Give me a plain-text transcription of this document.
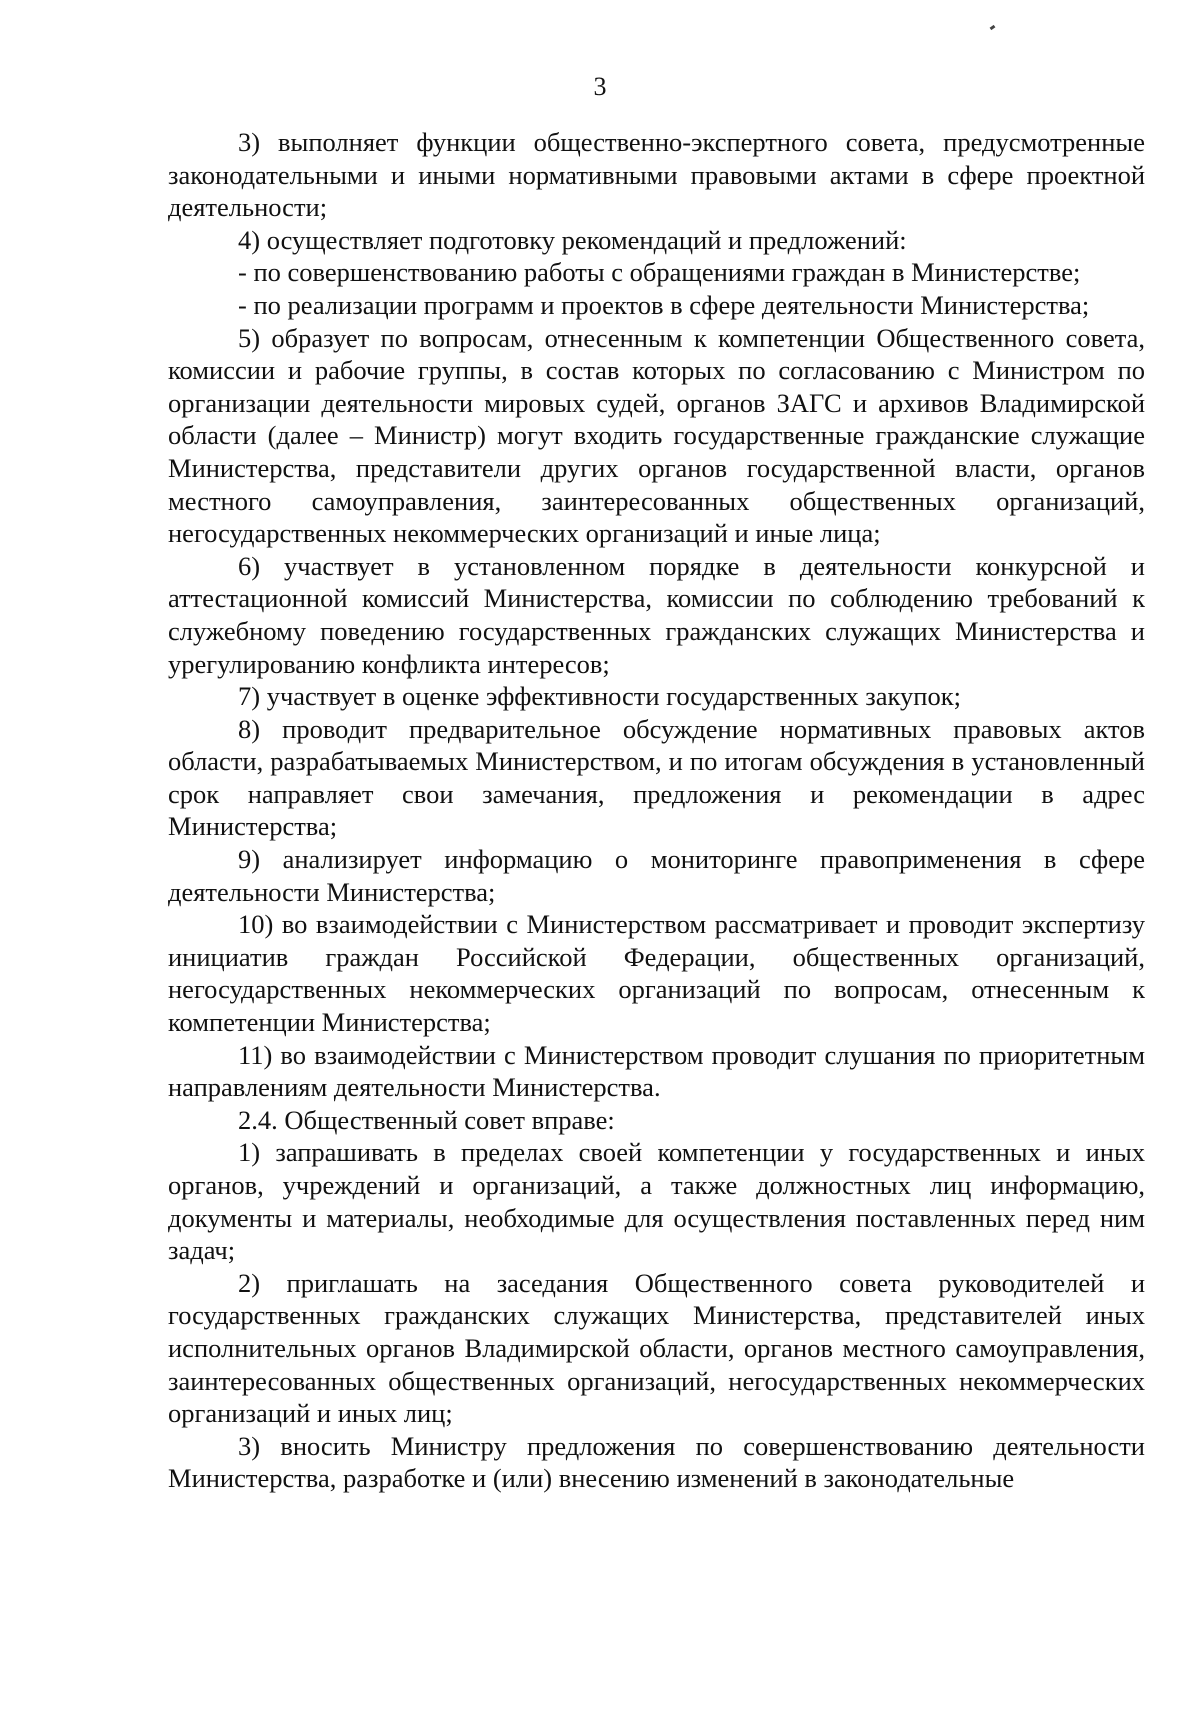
3

3) выполняет функции общественно-экспертного совета, предусмотренные законодательными и иными нормативными правовыми актами в сфере проектной деятельности;

4) осуществляет подготовку рекомендаций и предложений:

- по совершенствованию работы с обращениями граждан в Министерстве;

- по реализации программ и проектов в сфере деятельности Министерства;

5) образует по вопросам, отнесенным к компетенции Общественного совета, комиссии и рабочие группы, в состав которых по согласованию с Министром по организации деятельности мировых судей, органов ЗАГС и архивов Владимирской области (далее – Министр) могут входить государственные гражданские служащие Министерства, представители других органов государственной власти, органов местного самоуправления, заинтересованных общественных организаций, негосударственных некоммерческих организаций и иные лица;

6) участвует в установленном порядке в деятельности конкурсной и аттестационной комиссий Министерства, комиссии по соблюдению требований к служебному поведению государственных гражданских служащих Министерства и урегулированию конфликта интересов;

7) участвует в оценке эффективности государственных закупок;

8) проводит предварительное обсуждение нормативных правовых актов области, разрабатываемых Министерством, и по итогам обсуждения в установленный срок направляет свои замечания, предложения и рекомендации в адрес Министерства;

9) анализирует информацию о мониторинге правоприменения в сфере деятельности Министерства;

10) во взаимодействии с Министерством рассматривает и проводит экспертизу инициатив граждан Российской Федерации, общественных организаций, негосударственных некоммерческих организаций по вопросам, отнесенным к компетенции Министерства;

11) во взаимодействии с Министерством проводит слушания по приоритетным направлениям деятельности Министерства.

2.4. Общественный совет вправе:

1) запрашивать в пределах своей компетенции у государственных и иных органов, учреждений и организаций, а также должностных лиц информацию, документы и материалы, необходимые для осуществления поставленных перед ним задач;

2) приглашать на заседания Общественного совета руководителей и государственных гражданских служащих Министерства, представителей иных исполнительных органов Владимирской области, органов местного самоуправления, заинтересованных общественных организаций, негосударственных некоммерческих организаций и иных лиц;

3) вносить Министру предложения по совершенствованию деятельности Министерства, разработке и (или) внесению изменений в законодательные
